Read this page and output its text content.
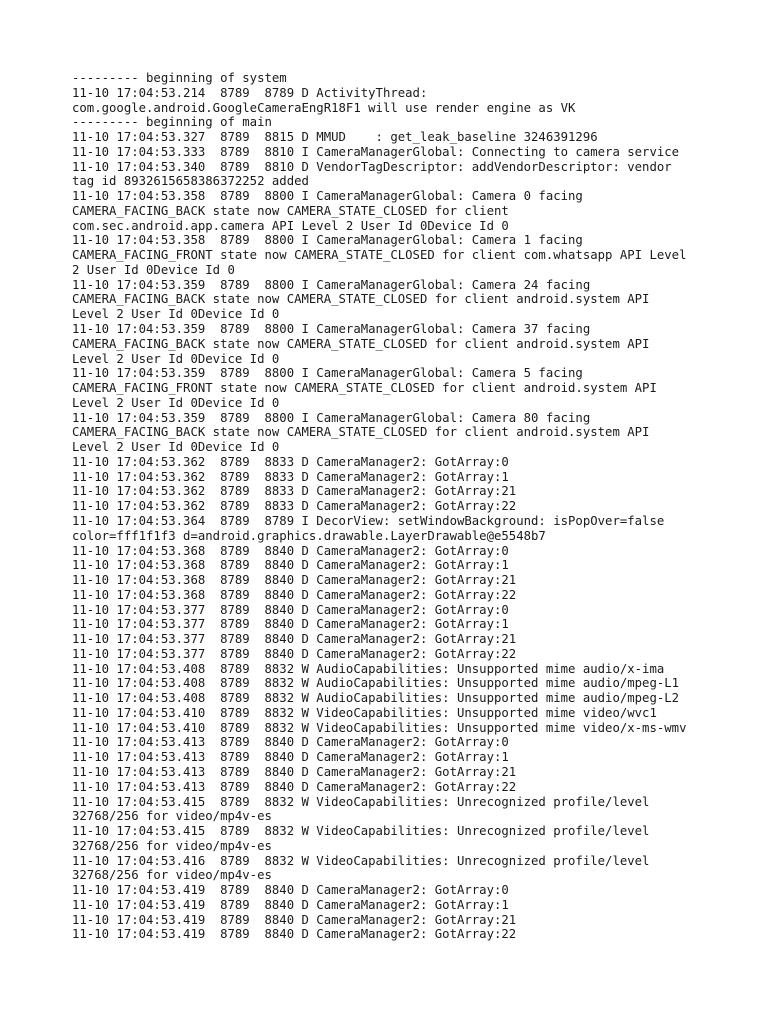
--------- beginning of system
11-10 17:04:53.214  8789  8789 D ActivityThread:
com.google.android.GoogleCameraEngR18F1 will use render engine as VK
--------- beginning of main
11-10 17:04:53.327  8789  8815 D MMUD    : get_leak_baseline 3246391296
11-10 17:04:53.333  8789  8810 I CameraManagerGlobal: Connecting to camera service
11-10 17:04:53.340  8789  8810 D VendorTagDescriptor: addVendorDescriptor: vendor
tag id 8932615658386372252 added
11-10 17:04:53.358  8789  8800 I CameraManagerGlobal: Camera 0 facing
CAMERA_FACING_BACK state now CAMERA_STATE_CLOSED for client
com.sec.android.app.camera API Level 2 User Id 0Device Id 0
11-10 17:04:53.358  8789  8800 I CameraManagerGlobal: Camera 1 facing
CAMERA_FACING_FRONT state now CAMERA_STATE_CLOSED for client com.whatsapp API Level
2 User Id 0Device Id 0
11-10 17:04:53.359  8789  8800 I CameraManagerGlobal: Camera 24 facing
CAMERA_FACING_BACK state now CAMERA_STATE_CLOSED for client android.system API
Level 2 User Id 0Device Id 0
11-10 17:04:53.359  8789  8800 I CameraManagerGlobal: Camera 37 facing
CAMERA_FACING_BACK state now CAMERA_STATE_CLOSED for client android.system API
Level 2 User Id 0Device Id 0
11-10 17:04:53.359  8789  8800 I CameraManagerGlobal: Camera 5 facing
CAMERA_FACING_FRONT state now CAMERA_STATE_CLOSED for client android.system API
Level 2 User Id 0Device Id 0
11-10 17:04:53.359  8789  8800 I CameraManagerGlobal: Camera 80 facing
CAMERA_FACING_BACK state now CAMERA_STATE_CLOSED for client android.system API
Level 2 User Id 0Device Id 0
11-10 17:04:53.362  8789  8833 D CameraManager2: GotArray:0
11-10 17:04:53.362  8789  8833 D CameraManager2: GotArray:1
11-10 17:04:53.362  8789  8833 D CameraManager2: GotArray:21
11-10 17:04:53.362  8789  8833 D CameraManager2: GotArray:22
11-10 17:04:53.364  8789  8789 I DecorView: setWindowBackground: isPopOver=false
color=fff1f1f3 d=android.graphics.drawable.LayerDrawable@e5548b7
11-10 17:04:53.368  8789  8840 D CameraManager2: GotArray:0
11-10 17:04:53.368  8789  8840 D CameraManager2: GotArray:1
11-10 17:04:53.368  8789  8840 D CameraManager2: GotArray:21
11-10 17:04:53.368  8789  8840 D CameraManager2: GotArray:22
11-10 17:04:53.377  8789  8840 D CameraManager2: GotArray:0
11-10 17:04:53.377  8789  8840 D CameraManager2: GotArray:1
11-10 17:04:53.377  8789  8840 D CameraManager2: GotArray:21
11-10 17:04:53.377  8789  8840 D CameraManager2: GotArray:22
11-10 17:04:53.408  8789  8832 W AudioCapabilities: Unsupported mime audio/x-ima
11-10 17:04:53.408  8789  8832 W AudioCapabilities: Unsupported mime audio/mpeg-L1
11-10 17:04:53.408  8789  8832 W AudioCapabilities: Unsupported mime audio/mpeg-L2
11-10 17:04:53.410  8789  8832 W VideoCapabilities: Unsupported mime video/wvc1
11-10 17:04:53.410  8789  8832 W VideoCapabilities: Unsupported mime video/x-ms-wmv
11-10 17:04:53.413  8789  8840 D CameraManager2: GotArray:0
11-10 17:04:53.413  8789  8840 D CameraManager2: GotArray:1
11-10 17:04:53.413  8789  8840 D CameraManager2: GotArray:21
11-10 17:04:53.413  8789  8840 D CameraManager2: GotArray:22
11-10 17:04:53.415  8789  8832 W VideoCapabilities: Unrecognized profile/level
32768/256 for video/mp4v-es
11-10 17:04:53.415  8789  8832 W VideoCapabilities: Unrecognized profile/level
32768/256 for video/mp4v-es
11-10 17:04:53.416  8789  8832 W VideoCapabilities: Unrecognized profile/level
32768/256 for video/mp4v-es
11-10 17:04:53.419  8789  8840 D CameraManager2: GotArray:0
11-10 17:04:53.419  8789  8840 D CameraManager2: GotArray:1
11-10 17:04:53.419  8789  8840 D CameraManager2: GotArray:21
11-10 17:04:53.419  8789  8840 D CameraManager2: GotArray:22
